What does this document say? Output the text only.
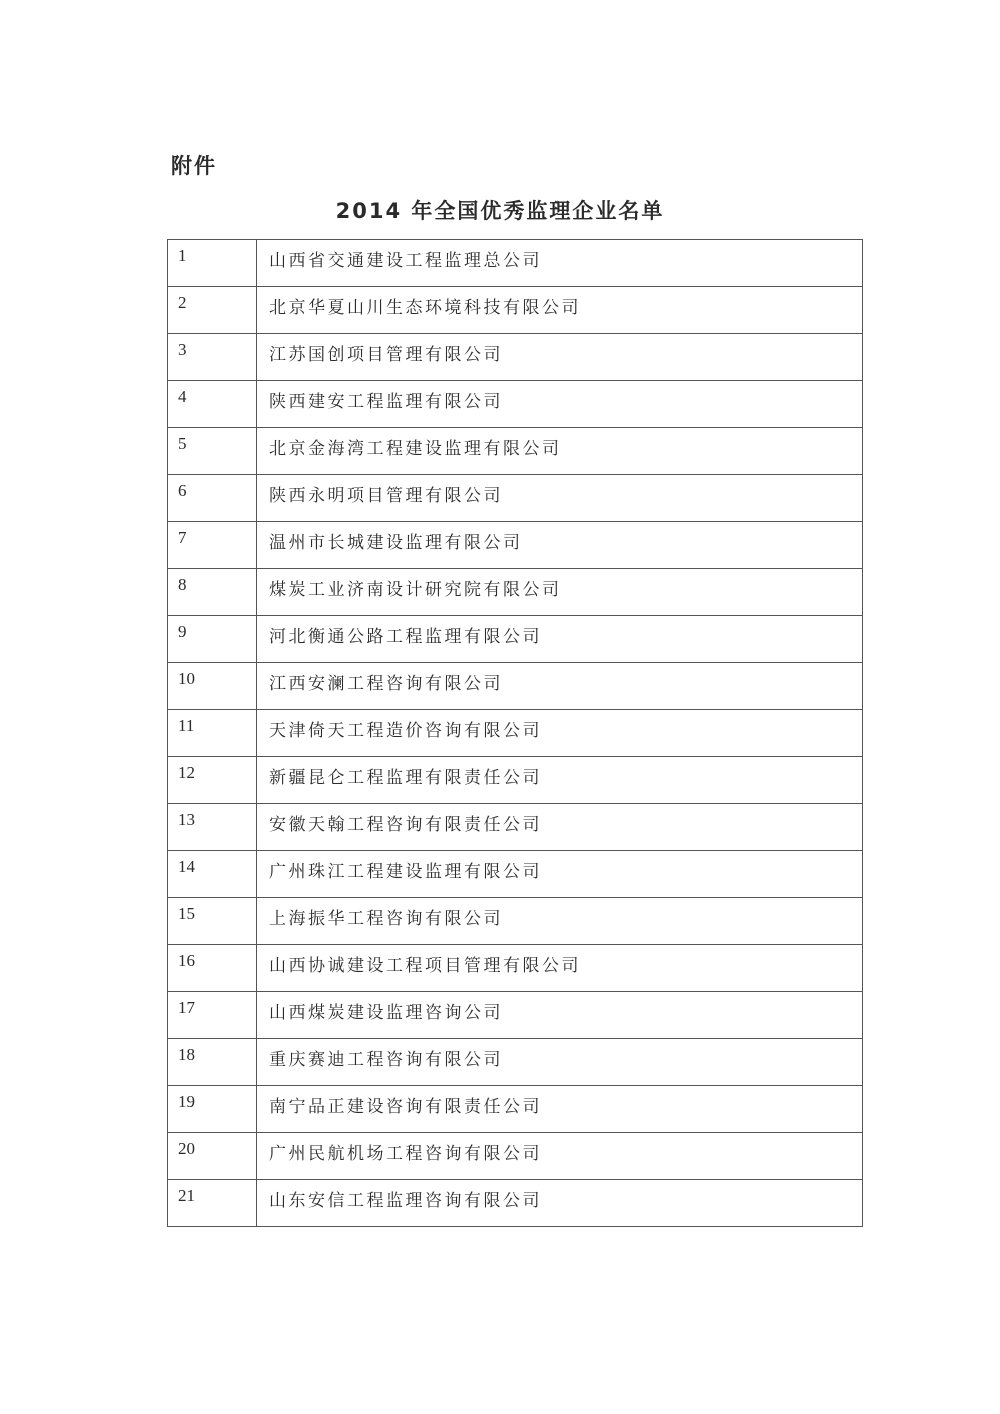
附件
2014 年全国优秀监理企业名单
1	山西省交通建设工程监理总公司
2	北京华夏山川生态环境科技有限公司
3	江苏国创项目管理有限公司
4	陕西建安工程监理有限公司
5	北京金海湾工程建设监理有限公司
6	陕西永明项目管理有限公司
7	温州市长城建设监理有限公司
8	煤炭工业济南设计研究院有限公司
9	河北衡通公路工程监理有限公司
10	江西安澜工程咨询有限公司
11	天津倚天工程造价咨询有限公司
12	新疆昆仑工程监理有限责任公司
13	安徽天翰工程咨询有限责任公司
14	广州珠江工程建设监理有限公司
15	上海振华工程咨询有限公司
16	山西协诚建设工程项目管理有限公司
17	山西煤炭建设监理咨询公司
18	重庆赛迪工程咨询有限公司
19	南宁品正建设咨询有限责任公司
20	广州民航机场工程咨询有限公司
21	山东安信工程监理咨询有限公司
